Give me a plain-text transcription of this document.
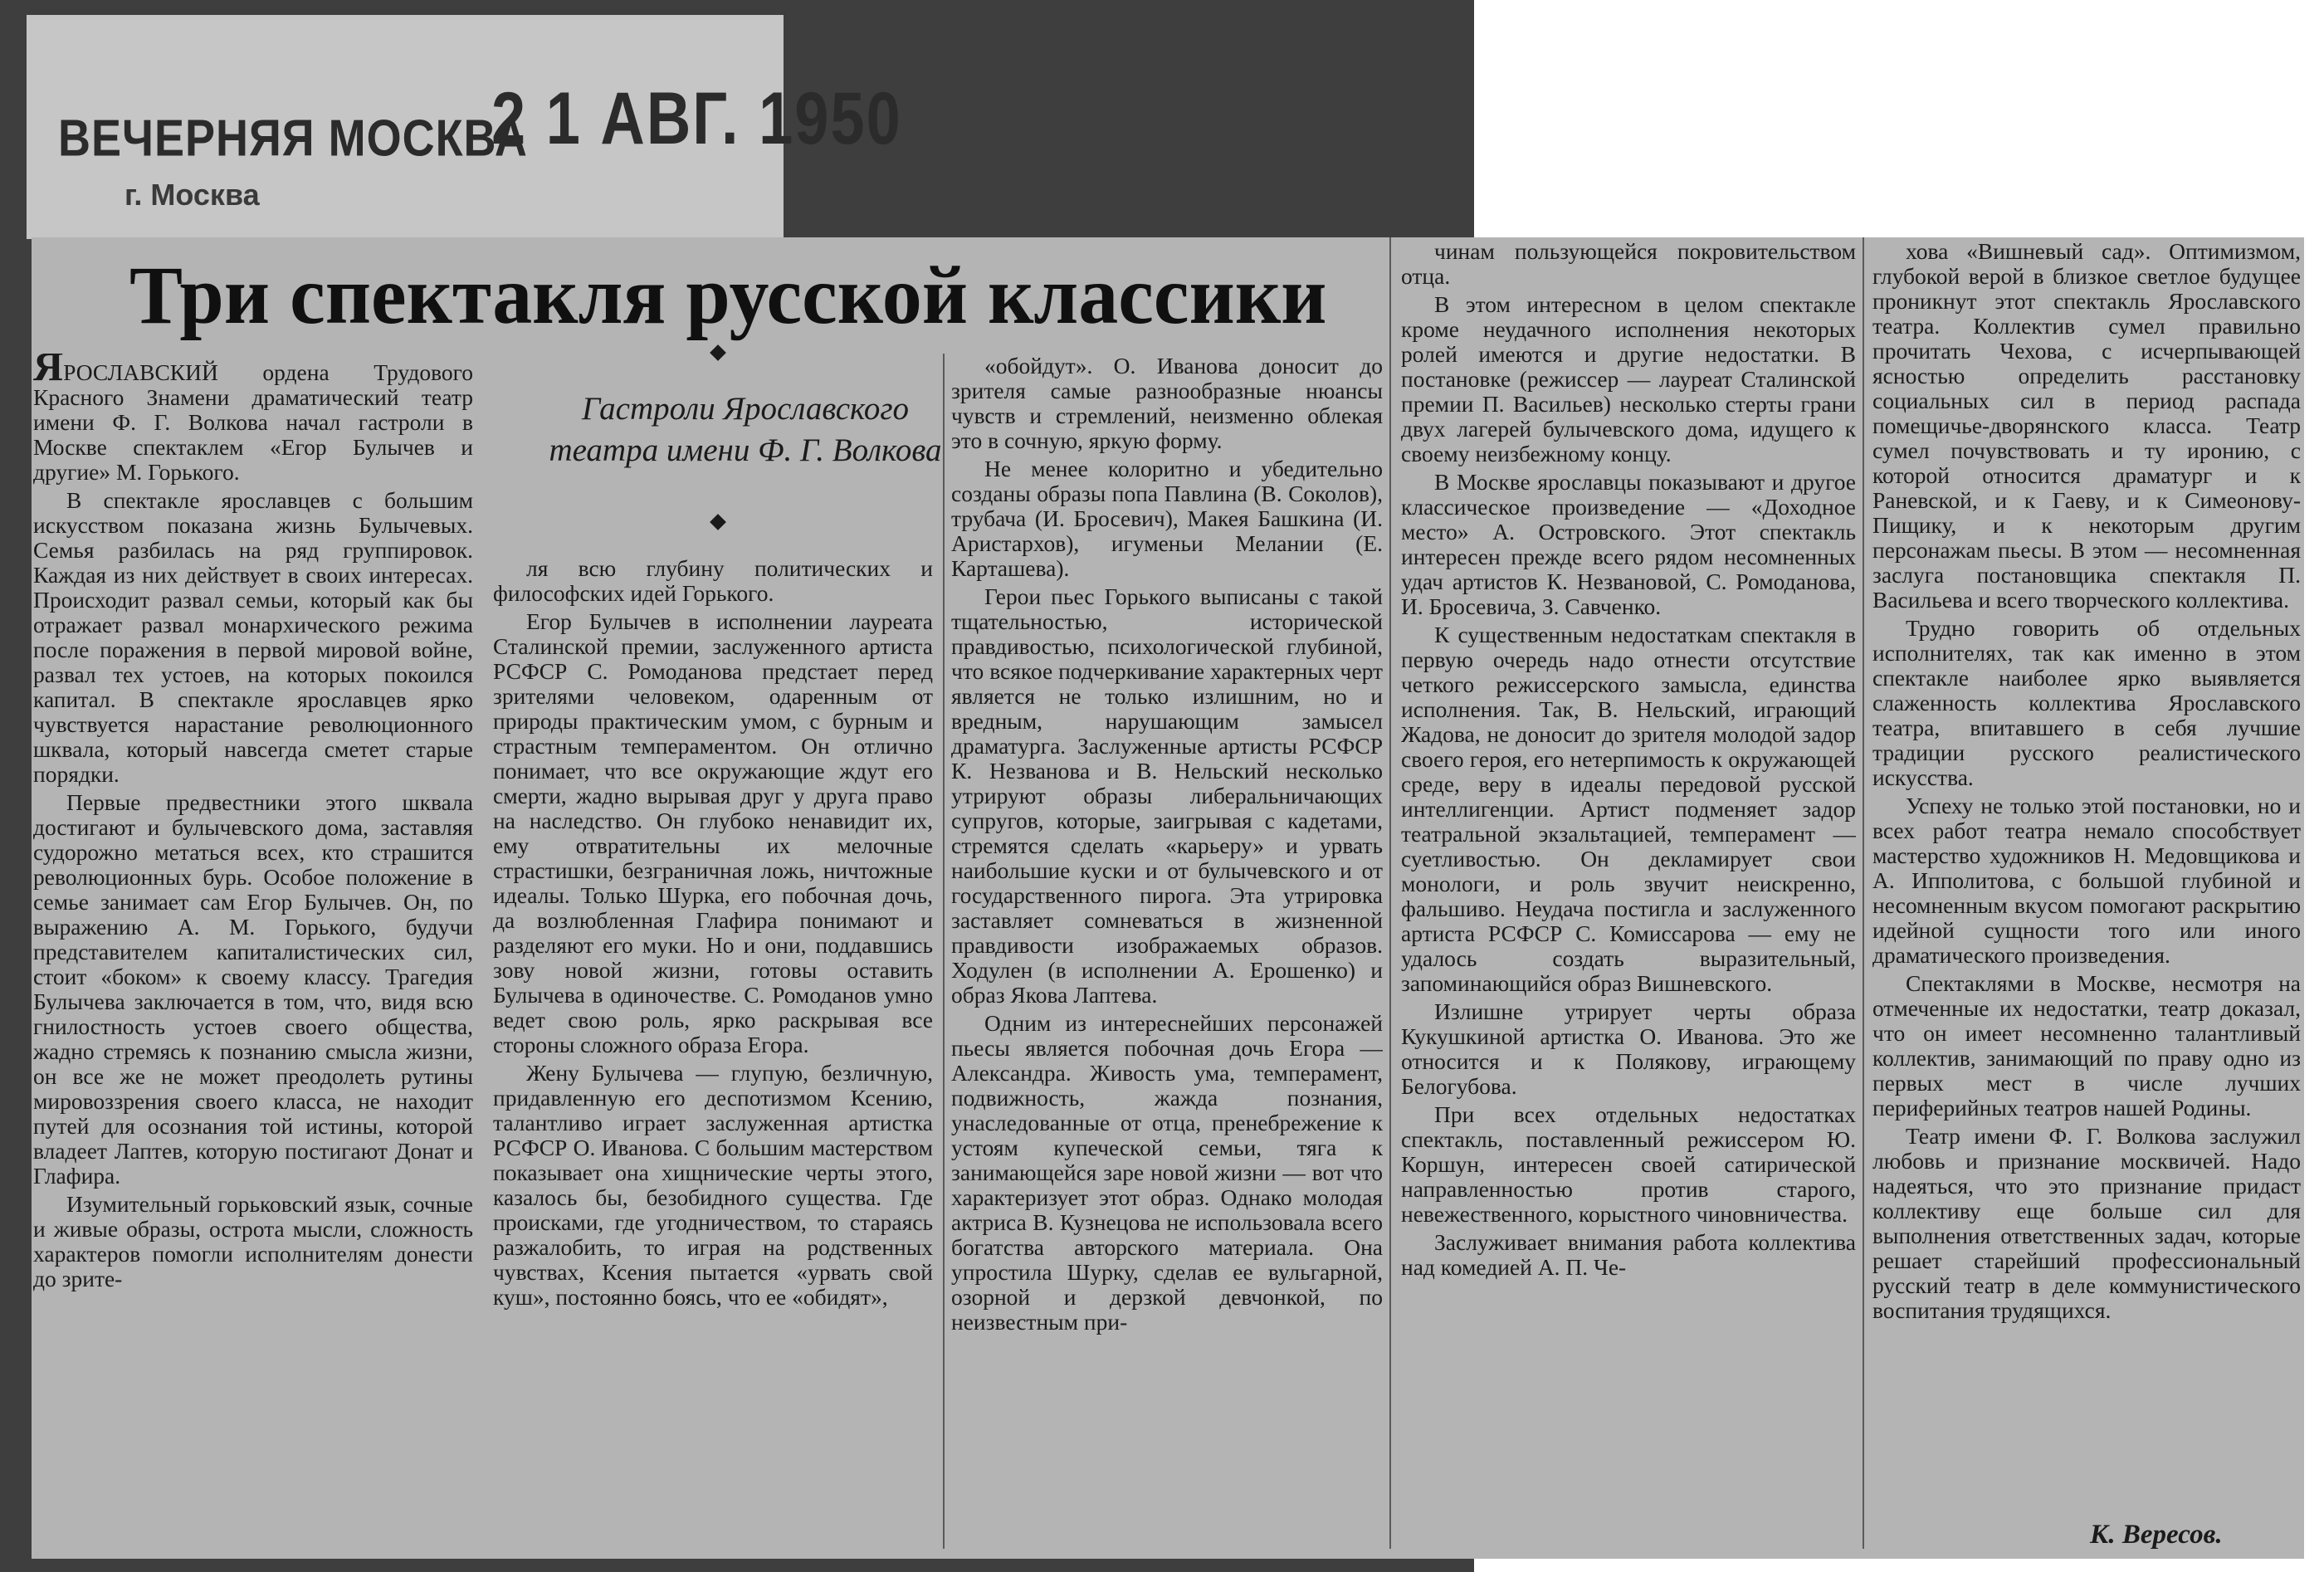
ВЕЧЕРНЯЯ МОСКВА
г. Москва
2 1 АВГ. 1950
Три спектакля русской классики
Гастроли Ярославского театра имени Ф. Г. Волкова

ЯРОСЛАВСКИЙ ордена Трудового Красного Знамени драматический театр имени Ф. Г. Волкова начал гастроли в Москве спектаклем «Егор Булычев и другие» М. Горького.

В спектакле ярославцев с большим искусством показана жизнь Булычевых. Семья разбилась на ряд группировок. Каждая из них действует в своих интересах. Происходит развал семьи, который как бы отражает развал монархического режима после поражения в первой мировой войне, развал тех устоев, на которых покоился капитал. В спектакле ярославцев ярко чувствуется нарастание революционного шквала, который навсегда сметет старые порядки.

Первые предвестники этого шквала достигают и булычевского дома, заставляя судорожно метаться всех, кто страшится революционных бурь. Особое положение в семье занимает сам Егор Булычев. Он, по выражению А. М. Горького, будучи представителем капиталистических сил, стоит «боком» к своему классу. Трагедия Булычева заключается в том, что, видя всю гнилостность устоев своего общества, жадно стремясь к познанию смысла жизни, он все же не может преодолеть рутины мировоззрения своего класса, не находит путей для осознания той истины, которой владеет Лаптев, которую постигают Донат и Глафира.

Изумительный горьковский язык, сочные и живые образы, острота мысли, сложность характеров помогли исполнителям донести до зрите-

ля всю глубину политических и философских идей Горького.

Егор Булычев в исполнении лауреата Сталинской премии, заслуженного артиста РСФСР С. Ромоданова предстает перед зрителями человеком, одаренным от природы практическим умом, с бурным и страстным темпераментом. Он отлично понимает, что все окружающие ждут его смерти, жадно вырывая друг у друга право на наследство. Он глубоко ненавидит их, ему отвратительны их мелочные страстишки, безграничная ложь, ничтожные идеалы. Только Шурка, его побочная дочь, да возлюбленная Глафира понимают и разделяют его муки. Но и они, поддавшись зову новой жизни, готовы оставить Булычева в одиночестве. С. Ромоданов умно ведет свою роль, ярко раскрывая все стороны сложного образа Егора.

Жену Булычева — глупую, безличную, придавленную его деспотизмом Ксению, талантливо играет заслуженная артистка РСФСР О. Иванова. С большим мастерством показывает она хищнические черты этого, казалось бы, безобидного существа. Где происками, где угодничеством, то стараясь разжалобить, то играя на родственных чувствах, Ксения пытается «урвать свой куш», постоянно боясь, что ее «обидят»,

«обойдут». О. Иванова доносит до зрителя самые разнообразные нюансы чувств и стремлений, неизменно облекая это в сочную, яркую форму.

Не менее колоритно и убедительно созданы образы попа Павлина (В. Соколов), трубача (И. Бросевич), Макея Башкина (И. Аристархов), игуменьи Мелании (Е. Карташева).

Герои пьес Горького выписаны с такой тщательностью, исторической правдивостью, психологической глубиной, что всякое подчеркивание характерных черт является не только излишним, но и вредным, нарушающим замысел драматурга. Заслуженные артисты РСФСР К. Незванова и В. Нельский несколько утрируют образы либеральничающих супругов, которые, заигрывая с кадетами, стремятся сделать «карьеру» и урвать наибольшие куски и от булычевского и от государственного пирога. Эта утрировка заставляет сомневаться в жизненной правдивости изображаемых образов. Ходулен (в исполнении А. Ерошенко) и образ Якова Лаптева.

Одним из интереснейших персонажей пьесы является побочная дочь Егора — Александра. Живость ума, темперамент, подвижность, жажда познания, унаследованные от отца, пренебрежение к устоям купеческой семьи, тяга к занимающейся заре новой жизни — вот что характеризует этот образ. Однако молодая актриса В. Кузнецова не использовала всего богатства авторского материала. Она упростила Шурку, сделав ее вульгарной, озорной и дерзкой девчонкой, по неизвестным при-

чинам пользующейся покровительством отца.

В этом интересном в целом спектакле кроме неудачного исполнения некоторых ролей имеются и другие недостатки. В постановке (режиссер — лауреат Сталинской премии П. Васильев) несколько стерты грани двух лагерей булычевского дома, идущего к своему неизбежному концу.

В Москве ярославцы показывают и другое классическое произведение — «Доходное место» А. Островского. Этот спектакль интересен прежде всего рядом несомненных удач артистов К. Незвановой, С. Ромоданова, И. Бросевича, З. Савченко.

К существенным недостаткам спектакля в первую очередь надо отнести отсутствие четкого режиссерского замысла, единства исполнения. Так, В. Нельский, играющий Жадова, не доносит до зрителя молодой задор своего героя, его нетерпимость к окружающей среде, веру в идеалы передовой русской интеллигенции. Артист подменяет задор театральной экзальтацией, темперамент —суетливостью. Он декламирует свои монологи, и роль звучит неискренно, фальшиво. Неудача постигла и заслуженного артиста РСФСР С. Комиссарова — ему не удалось создать выразительный, запоминающийся образ Вишневского.

Излишне утрирует черты образа Кукушкиной артистка О. Иванова. Это же относится и к Полякову, играющему Белогубова.

При всех отдельных недостатках спектакль, поставленный режиссером Ю. Коршун, интересен своей сатирической направленностью против старого, невежественного, корыстного чиновничества.

Заслуживает внимания работа коллектива над комедией А. П. Че-

хова «Вишневый сад». Оптимизмом, глубокой верой в близкое светлое будущее проникнут этот спектакль Ярославского театра. Коллектив сумел правильно прочитать Чехова, с исчерпывающей ясностью определить расстановку социальных сил в период распада помещичье-дворянского класса. Театр сумел почувствовать и ту иронию, с которой относится драматург и к Раневской, и к Гаеву, и к Симеонову-Пищику, и к некоторым другим персонажам пьесы. В этом — несомненная заслуга постановщика спектакля П. Васильева и всего творческого коллектива.

Трудно говорить об отдельных исполнителях, так как именно в этом спектакле наиболее ярко выявляется слаженность коллектива Ярославского театра, впитавшего в себя лучшие традиции русского реалистического искусства.

Успеху не только этой постановки, но и всех работ театра немало способствует мастерство художников Н. Медовщикова и А. Ипполитова, с большой глубиной и несомненным вкусом помогают раскрытию идейной сущности того или иного драматического произведения.

Спектаклями в Москве, несмотря на отмеченные их недостатки, театр доказал, что он имеет несомненно талантливый коллектив, занимающий по праву одно из первых мест в числе лучших периферийных театров нашей Родины.

Театр имени Ф. Г. Волкова заслужил любовь и признание москвичей. Надо надеяться, что это признание придаст коллективу еще больше сил для выполнения ответственных задач, которые решает старейший профессиональный русский театр в деле коммунистического воспитания трудящихся.

К. Вересов.
